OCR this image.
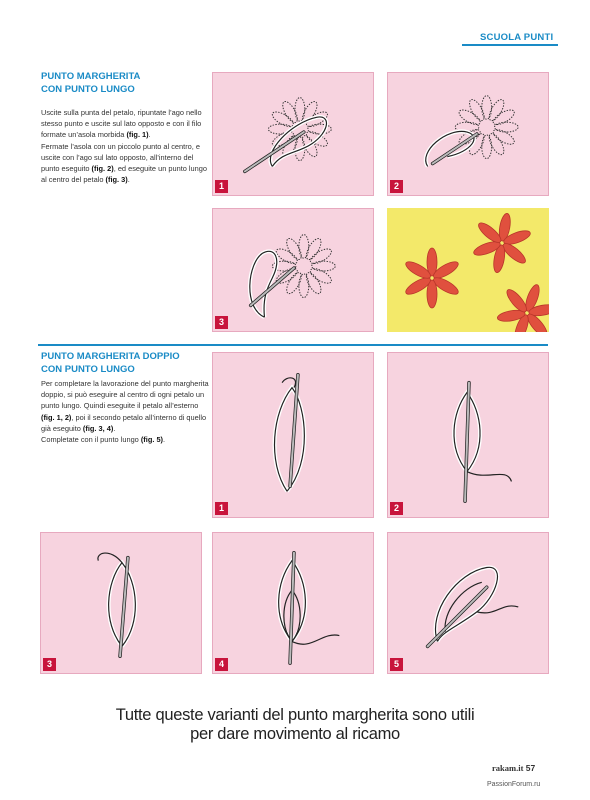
SCUOLA PUNTI
PUNTO MARGHERITA
CON PUNTO LUNGO
Uscite sulla punta del petalo, ripuntate l’ago nello
stesso punto e uscite sul lato opposto e con il filo
formate un’asola morbida (fig. 1).
Fermate l’asola con un piccolo punto al centro, e
uscite con l’ago sul lato opposto, all’interno del
punto eseguito (fig. 2), ed eseguite un punto lungo
al centro del petalo (fig. 3).
1	2
3
PUNTO MARGHERITA DOPPIO
CON PUNTO LUNGO
Per completare la lavorazione del punto margherita
doppio, si può eseguire al centro di ogni petalo un
punto lungo. Quindi eseguite il petalo all’esterno
(fig. 1, 2), poi il secondo petalo all’interno di quello
già eseguito (fig. 3, 4).
Completate con il punto lungo (fig. 5).
1	2
3	4	5
Tutte queste varianti del punto margherita sono utili
per dare movimento al ricamo
rakam.it 57
PassionForum.ru
